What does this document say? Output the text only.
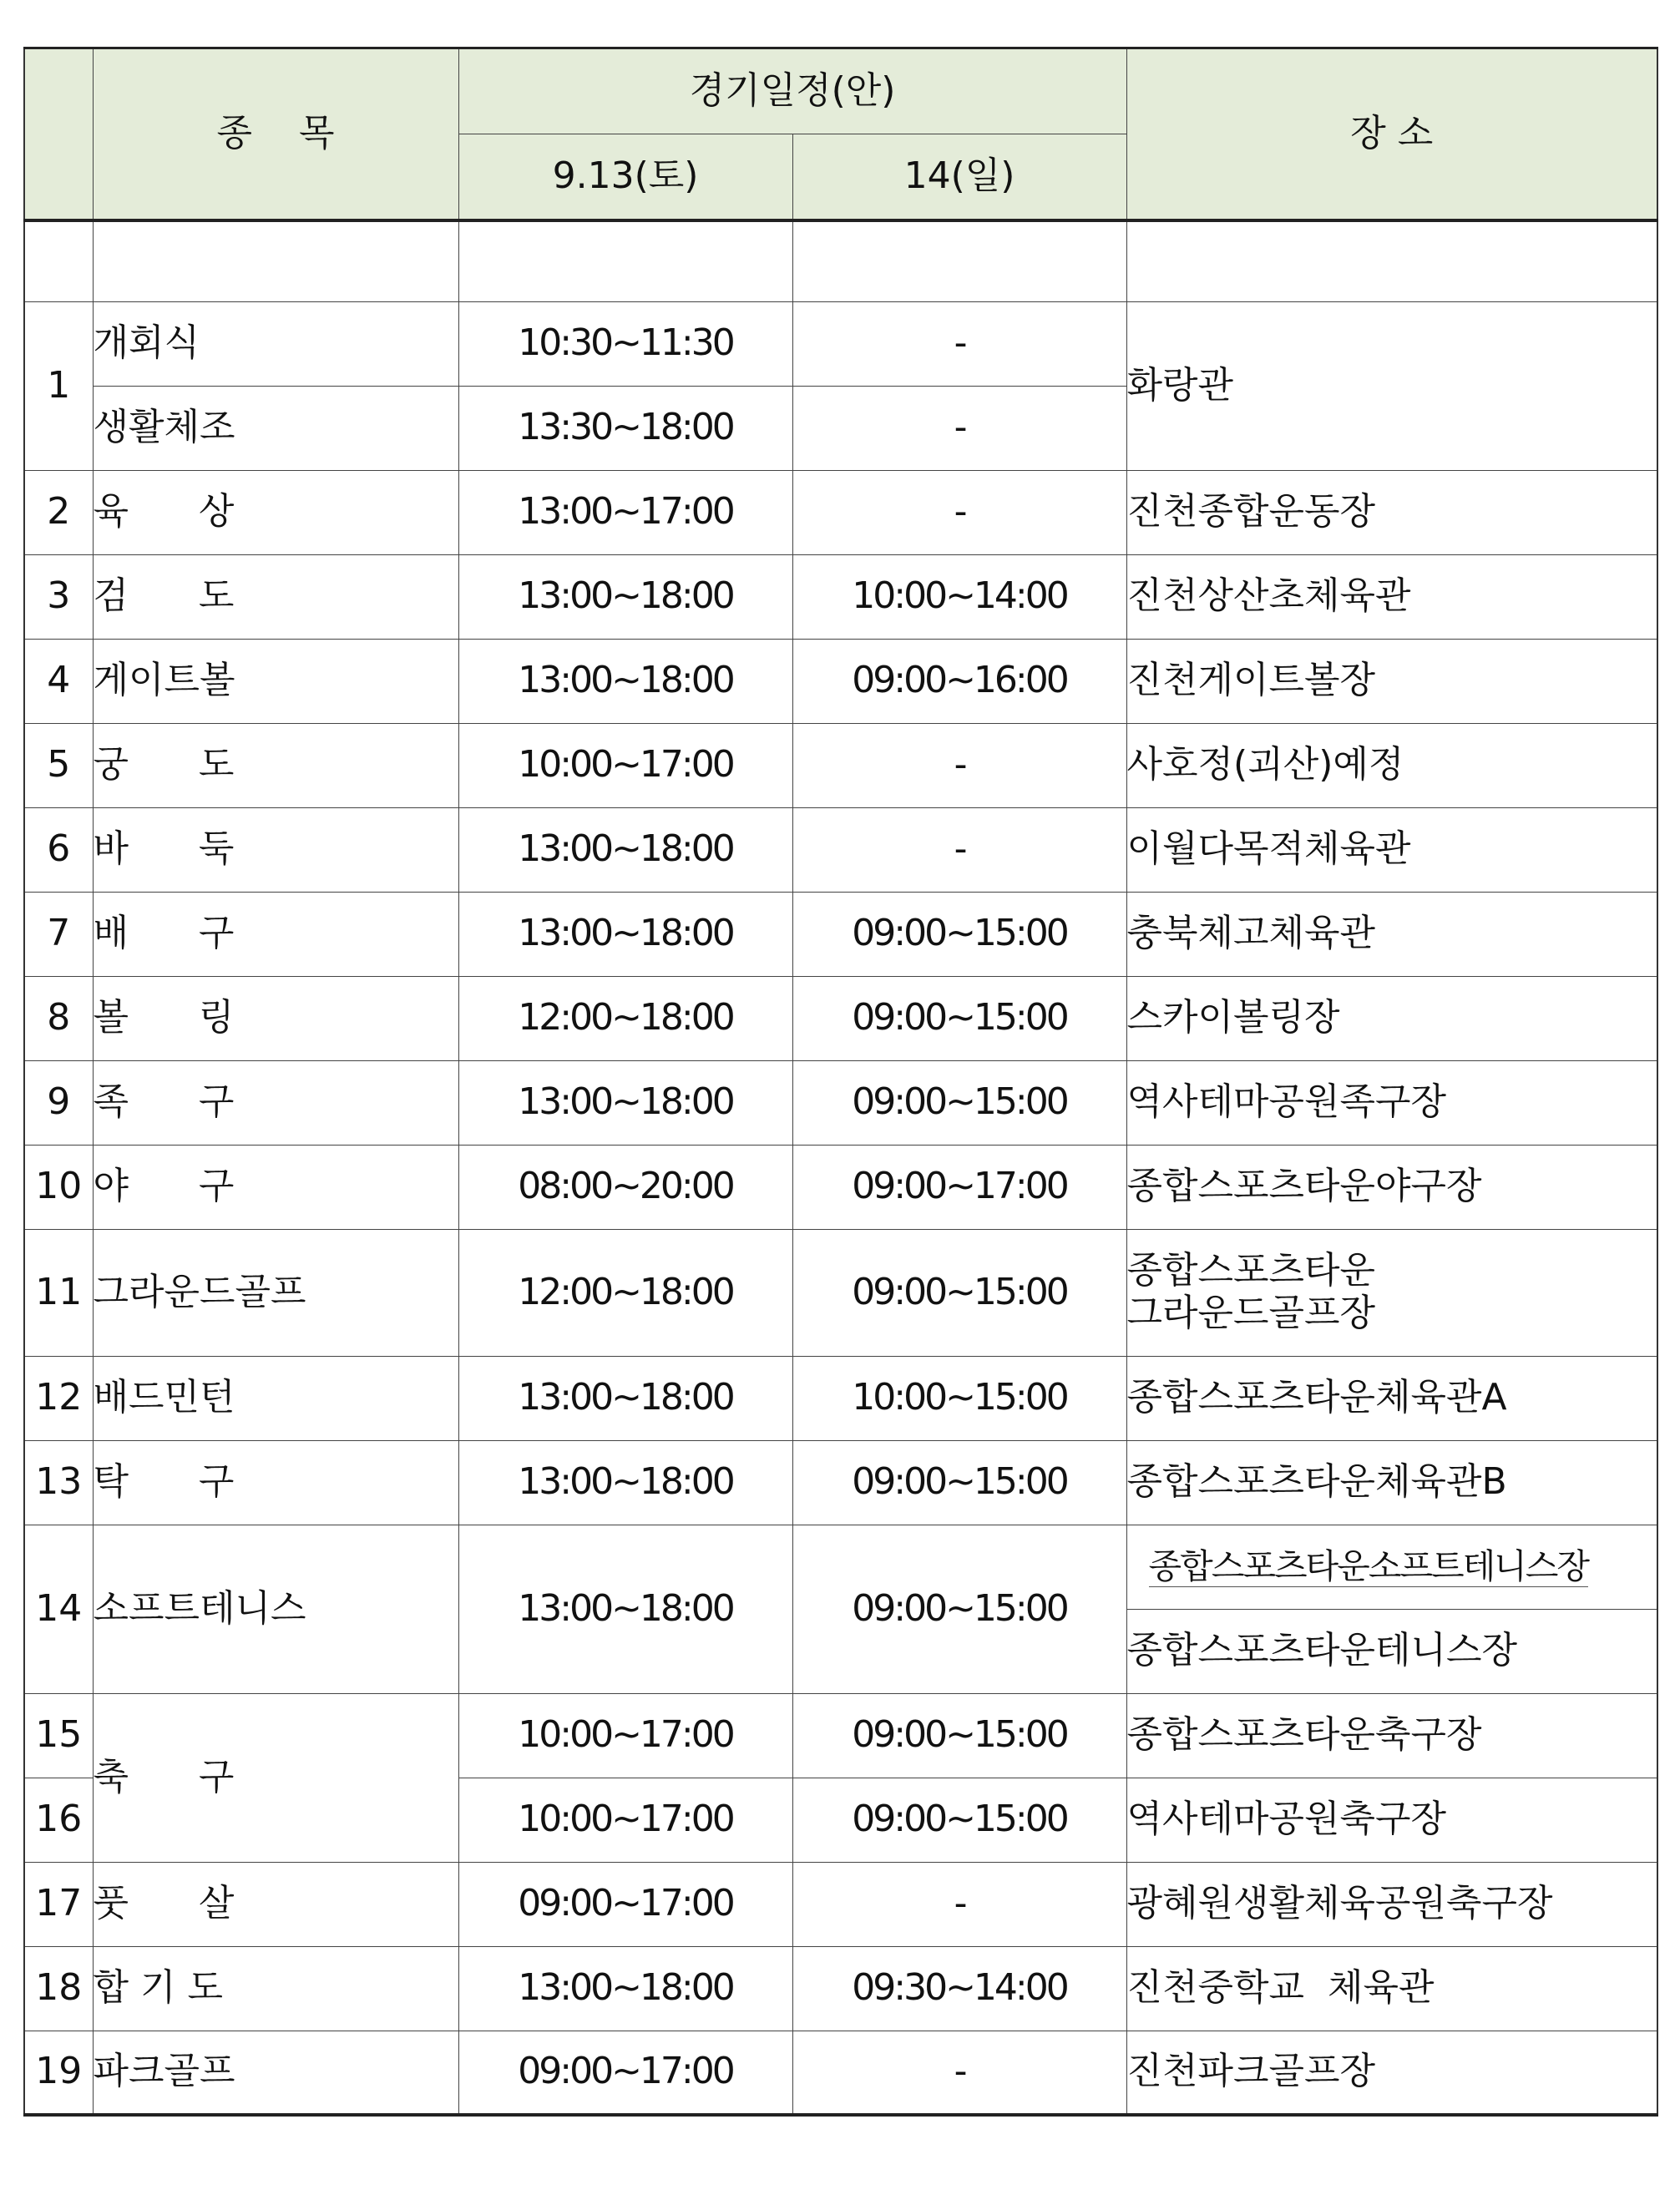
	종    목	경기일정(안)		장 소
		9.13(토)	14(일)	

1	개회식	10:30~11:30	-	화랑관
	생활체조	13:30~18:00	-	
2	육      상	13:00~17:00	-	진천종합운동장
3	검      도	13:00~18:00	10:00~14:00	진천상산초체육관
4	게이트볼	13:00~18:00	09:00~16:00	진천게이트볼장
5	궁      도	10:00~17:00	-	사호정(괴산)예정
6	바      둑	13:00~18:00	-	이월다목적체육관
7	배      구	13:00~18:00	09:00~15:00	충북체고체육관
8	볼      링	12:00~18:00	09:00~15:00	스카이볼링장
9	족      구	13:00~18:00	09:00~15:00	역사테마공원족구장
10	야      구	08:00~20:00	09:00~17:00	종합스포츠타운야구장
11	그라운드골프	12:00~18:00	09:00~15:00	종합스포츠타운
그라운드골프장

12	배드민턴	13:00~18:00	10:00~15:00	종합스포츠타운체육관A
13	탁      구	13:00~18:00	09:00~15:00	종합스포츠타운체육관B
14	소프트테니스	13:00~18:00	09:00~15:00	종합스포츠타운소프트테니스장
				종합스포츠타운테니스장
15	축      구	10:00~17:00	09:00~15:00	종합스포츠타운축구장
16		10:00~17:00	09:00~15:00	역사테마공원축구장
17	풋      살	09:00~17:00	-	광혜원생활체육공원축구장
18	합 기 도	13:00~18:00	09:30~14:00	진천중학교  체육관
19	파크골프	09:00~17:00	-	진천파크골프장
